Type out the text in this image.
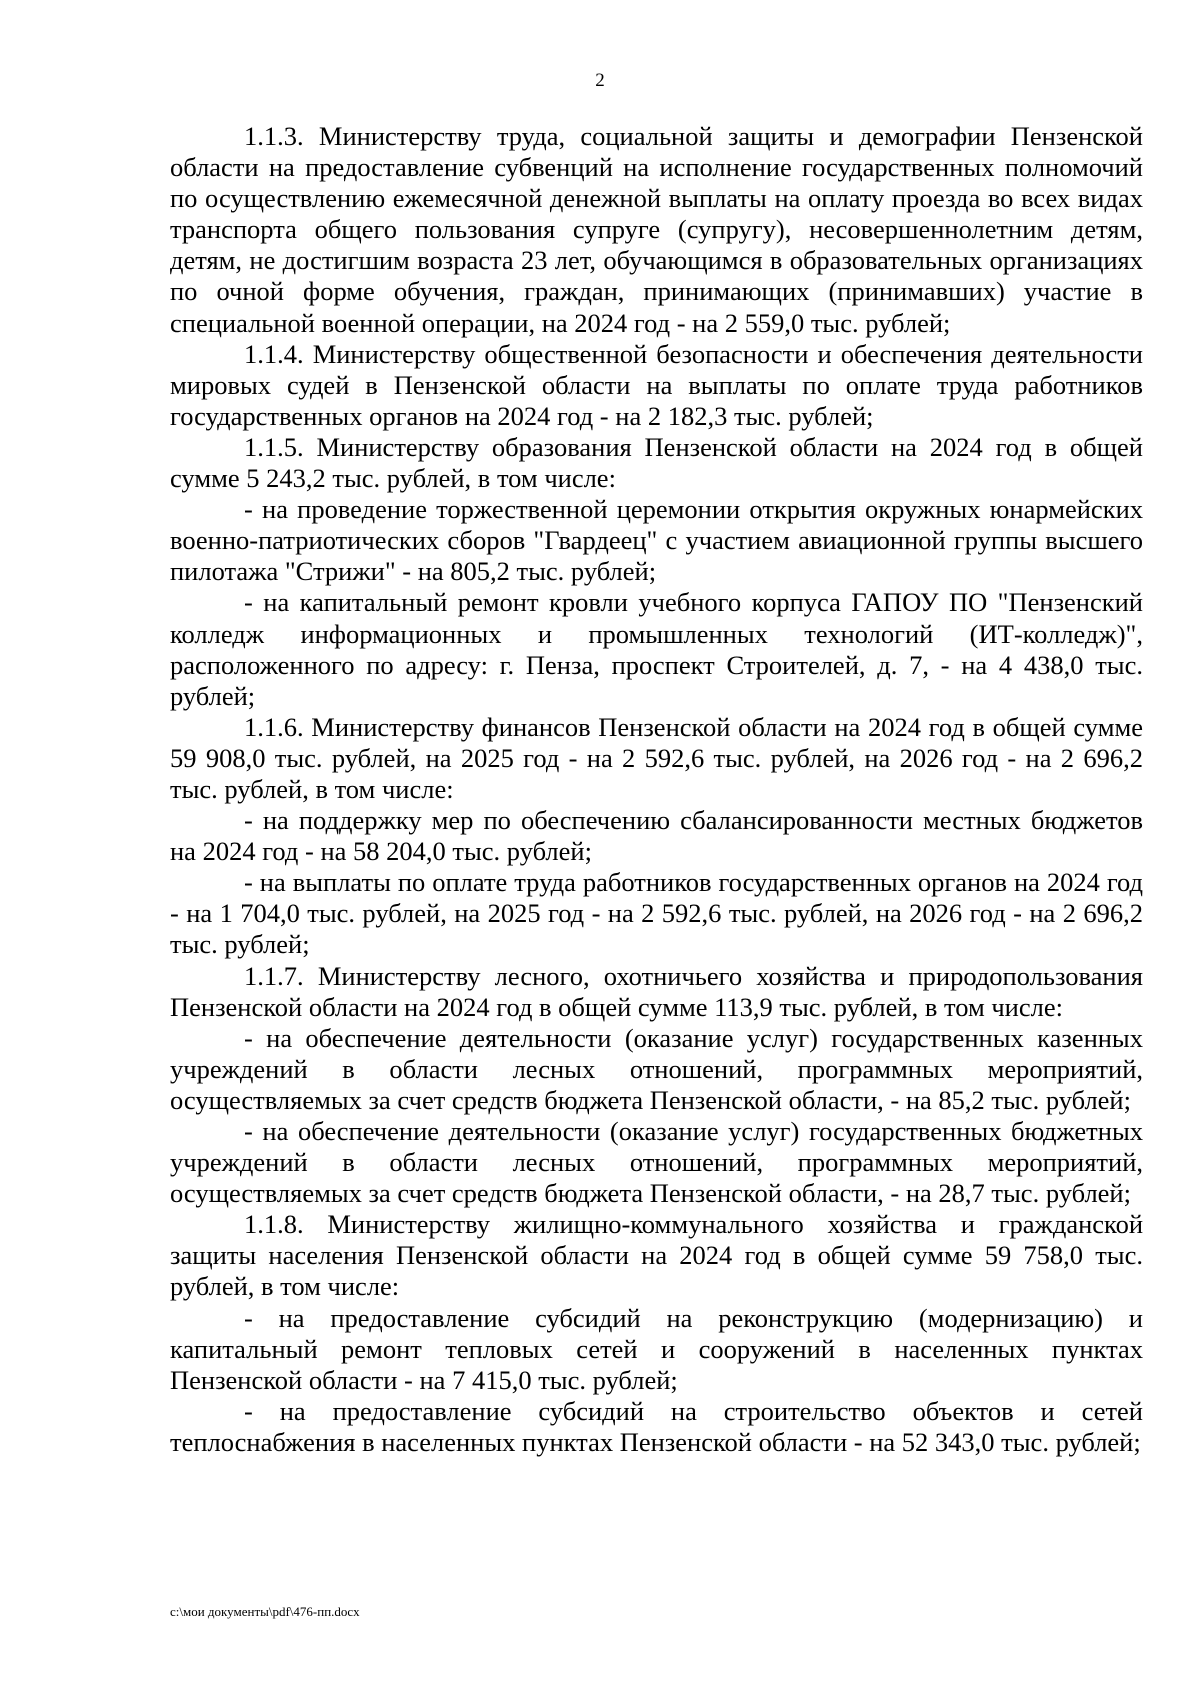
2

1.1.3. Министерству труда, социальной защиты и демографии Пензенской области на предоставление субвенций на исполнение государственных полномочий по осуществлению ежемесячной денежной выплаты на оплату проезда во всех видах транспорта общего пользования супруге (супругу), несовершеннолетним детям, детям, не достигшим возраста 23 лет, обучающимся в образовательных организациях по очной форме обучения, граждан, принимающих (принимавших) участие в специальной военной операции, на 2024 год - на 2 559,0 тыс. рублей;

1.1.4. Министерству общественной безопасности и обеспечения деятельности мировых судей в Пензенской области на выплаты по оплате труда работников государственных органов на 2024 год - на 2 182,3 тыс. рублей;

1.1.5. Министерству образования Пензенской области на 2024 год в общей сумме 5 243,2 тыс. рублей, в том числе:

- на проведение торжественной церемонии открытия окружных юнармейских военно-патриотических сборов "Гвардеец" с участием авиационной группы высшего пилотажа "Стрижи" - на 805,2 тыс. рублей;

- на капитальный ремонт кровли учебного корпуса ГАПОУ ПО "Пензенский колледж информационных и промышленных технологий (ИТ-колледж)", расположенного по адресу: г. Пенза, проспект Строителей, д. 7, - на 4 438,0 тыс. рублей;

1.1.6. Министерству финансов Пензенской области на 2024 год в общей сумме 59 908,0 тыс. рублей, на 2025 год - на 2 592,6 тыс. рублей, на 2026 год - на 2 696,2 тыс. рублей, в том числе:

- на поддержку мер по обеспечению сбалансированности местных бюджетов на 2024 год - на 58 204,0 тыс. рублей;

- на выплаты по оплате труда работников государственных органов на 2024 год - на 1 704,0 тыс. рублей, на 2025 год - на 2 592,6 тыс. рублей, на 2026 год - на 2 696,2 тыс. рублей;

1.1.7. Министерству лесного, охотничьего хозяйства и природопользования Пензенской области на 2024 год в общей сумме 113,9 тыс. рублей, в том числе:

- на обеспечение деятельности (оказание услуг) государственных казенных учреждений в области лесных отношений, программных мероприятий, осуществляемых за счет средств бюджета Пензенской области, - на 85,2 тыс. рублей;

- на обеспечение деятельности (оказание услуг) государственных бюджетных учреждений в области лесных отношений, программных мероприятий, осуществляемых за счет средств бюджета Пензенской области, - на 28,7 тыс. рублей;

1.1.8. Министерству жилищно-коммунального хозяйства и гражданской защиты населения Пензенской области на 2024 год в общей сумме 59 758,0 тыс. рублей, в том числе:

- на предоставление субсидий на реконструкцию (модернизацию) и капитальный ремонт тепловых сетей и сооружений в населенных пунктах Пензенской области - на 7 415,0 тыс. рублей;

- на предоставление субсидий на строительство объектов и сетей теплоснабжения в населенных пунктах Пензенской области - на 52 343,0 тыс. рублей;

c:\мои документы\pdf\476-пп.docx
